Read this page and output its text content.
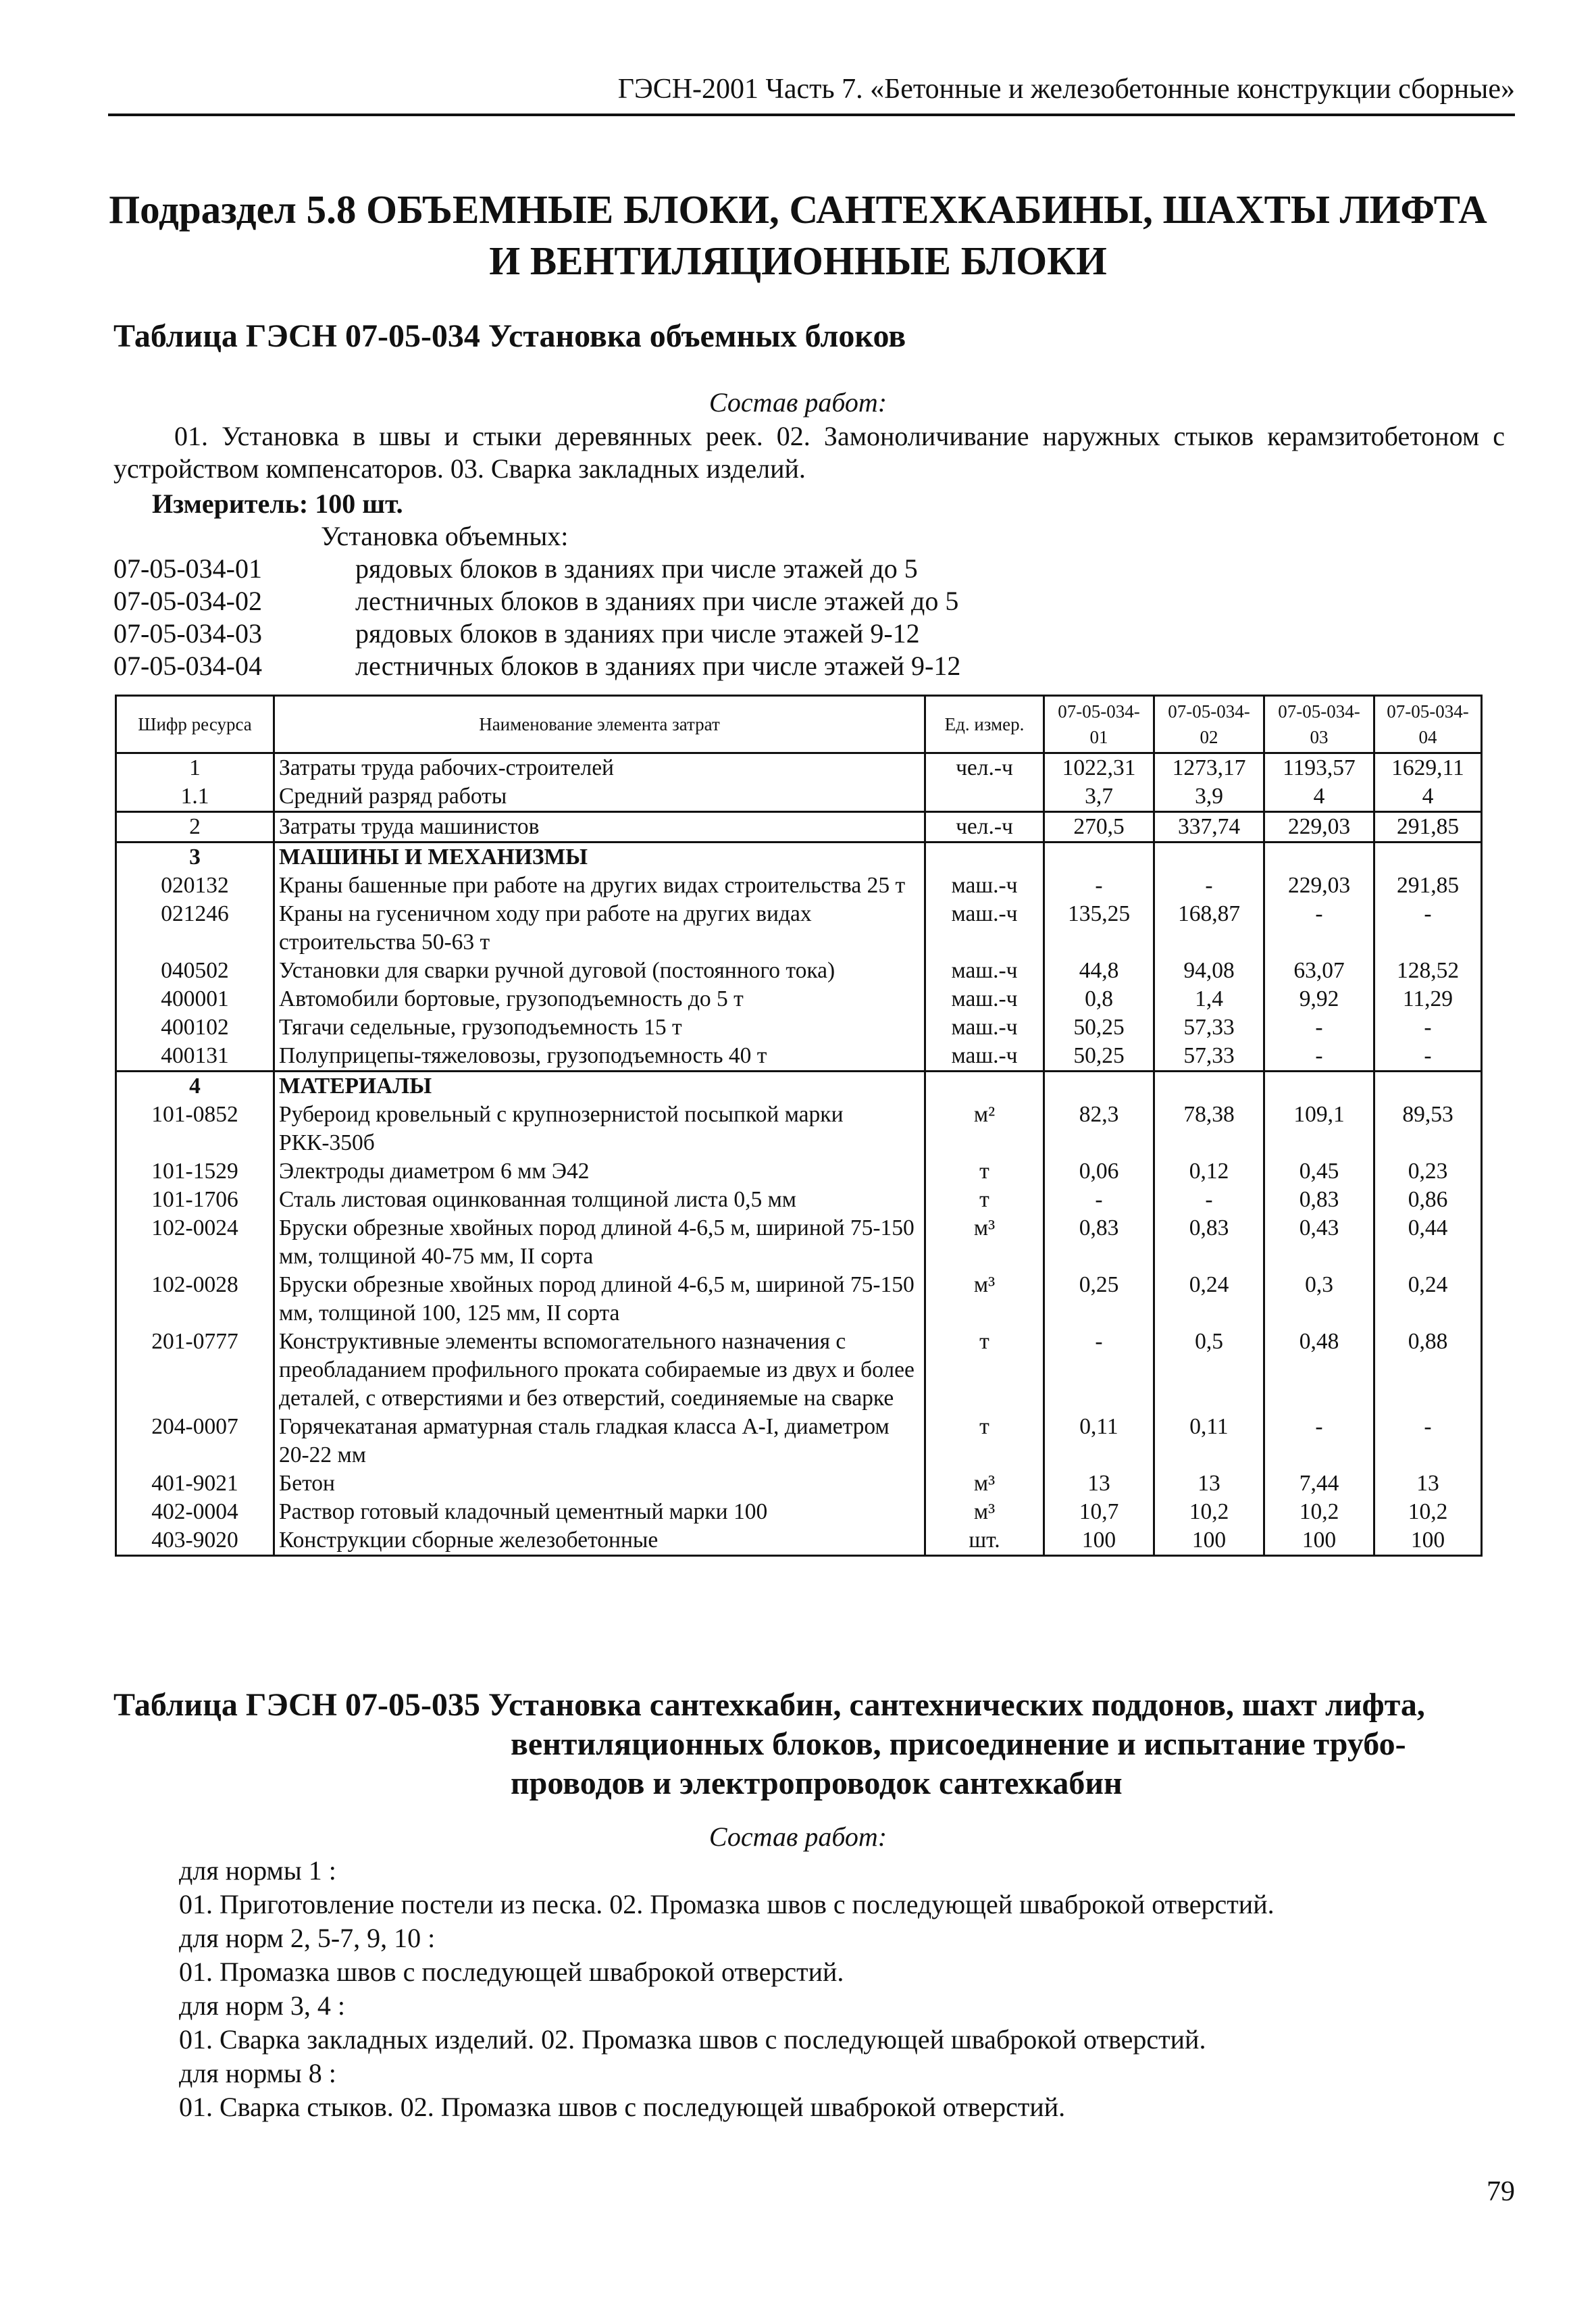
ГЭСН-2001 Часть 7. «Бетонные и железобетонные конструкции сборные»
Подраздел 5.8 ОБЪЕМНЫЕ БЛОКИ, САНТЕХКАБИНЫ, ШАХТЫ ЛИФТА
И ВЕНТИЛЯЦИОННЫЕ БЛОКИ
Таблица ГЭСН 07-05-034 Установка объемных блоков
Состав работ:
01. Установка в швы и стыки деревянных реек. 02. Замоноличивание наружных стыков керамзитобетоном с устройством компенсаторов. 03. Сварка закладных изделий.
Измеритель: 100 шт.
Установка объемных:
07-05-034-01	рядовых блоков в зданиях при числе этажей до 5
07-05-034-02	лестничных блоков в зданиях при числе этажей до 5
07-05-034-03	рядовых блоков в зданиях при числе этажей 9-12
07-05-034-04	лестничных блоков в зданиях при числе этажей 9-12
Шифр ресурса	Наименование элемента затрат	Ед. измер.	07-05-034-01	07-05-034-02	07-05-034-03	07-05-034-04
1	Затраты труда рабочих-строителей	чел.-ч	1022,31	1273,17	1193,57	1629,11
1.1	Средний разряд работы		3,7	3,9	4	4
2	Затраты труда машинистов	чел.-ч	270,5	337,74	229,03	291,85
3	МАШИНЫ И МЕХАНИЗМЫ					
020132	Краны башенные при работе на других видах строительства 25 т	маш.-ч	-	-	229,03	291,85
021246	Краны на гусеничном ходу при работе на других видах строительства 50-63 т	маш.-ч	135,25	168,87	-	-
040502	Установки для сварки ручной дуговой (постоянного тока)	маш.-ч	44,8	94,08	63,07	128,52
400001	Автомобили бортовые, грузоподъемность до 5 т	маш.-ч	0,8	1,4	9,92	11,29
400102	Тягачи седельные, грузоподъемность 15 т	маш.-ч	50,25	57,33	-	-
400131	Полуприцепы-тяжеловозы, грузоподъемность 40 т	маш.-ч	50,25	57,33	-	-
4	МАТЕРИАЛЫ					
101-0852	Рубероид кровельный с крупнозернистой посыпкой марки РКК-350б	м²	82,3	78,38	109,1	89,53
101-1529	Электроды диаметром 6 мм Э42	т	0,06	0,12	0,45	0,23
101-1706	Сталь листовая оцинкованная толщиной листа 0,5 мм	т	-	-	0,83	0,86
102-0024	Бруски обрезные хвойных пород длиной 4-6,5 м, шириной 75-150 мм, толщиной 40-75 мм, II сорта	м³	0,83	0,83	0,43	0,44
102-0028	Бруски обрезные хвойных пород длиной 4-6,5 м, шириной 75-150 мм, толщиной 100, 125 мм, II сорта	м³	0,25	0,24	0,3	0,24
201-0777	Конструктивные элементы вспомогательного назначения с преобладанием профильного проката собираемые из двух и более деталей, с отверстиями и без отверстий, соединяемые на сварке	т	-	0,5	0,48	0,88
204-0007	Горячекатаная арматурная сталь гладкая класса А-I, диаметром 20-22 мм	т	0,11	0,11	-	-
401-9021	Бетон	м³	13	13	7,44	13
402-0004	Раствор готовый кладочный цементный марки 100	м³	10,7	10,2	10,2	10,2
403-9020	Конструкции сборные железобетонные	шт.	100	100	100	100
Таблица ГЭСН 07-05-035 Установка сантехкабин, сантехнических поддонов, шахт лифта,
вентиляционных блоков, присоединение и испытание трубо-
проводов и электропроводок сантехкабин
Состав работ:
для нормы 1 :
01. Приготовление постели из песка. 02. Промазка швов с последующей шваброкой отверстий.
для норм 2, 5-7, 9, 10 :
01. Промазка швов с последующей шваброкой отверстий.
для норм 3, 4 :
01. Сварка закладных изделий. 02. Промазка швов с последующей шваброкой отверстий.
для нормы 8 :
01. Сварка стыков. 02. Промазка швов с последующей шваброкой отверстий.
79
